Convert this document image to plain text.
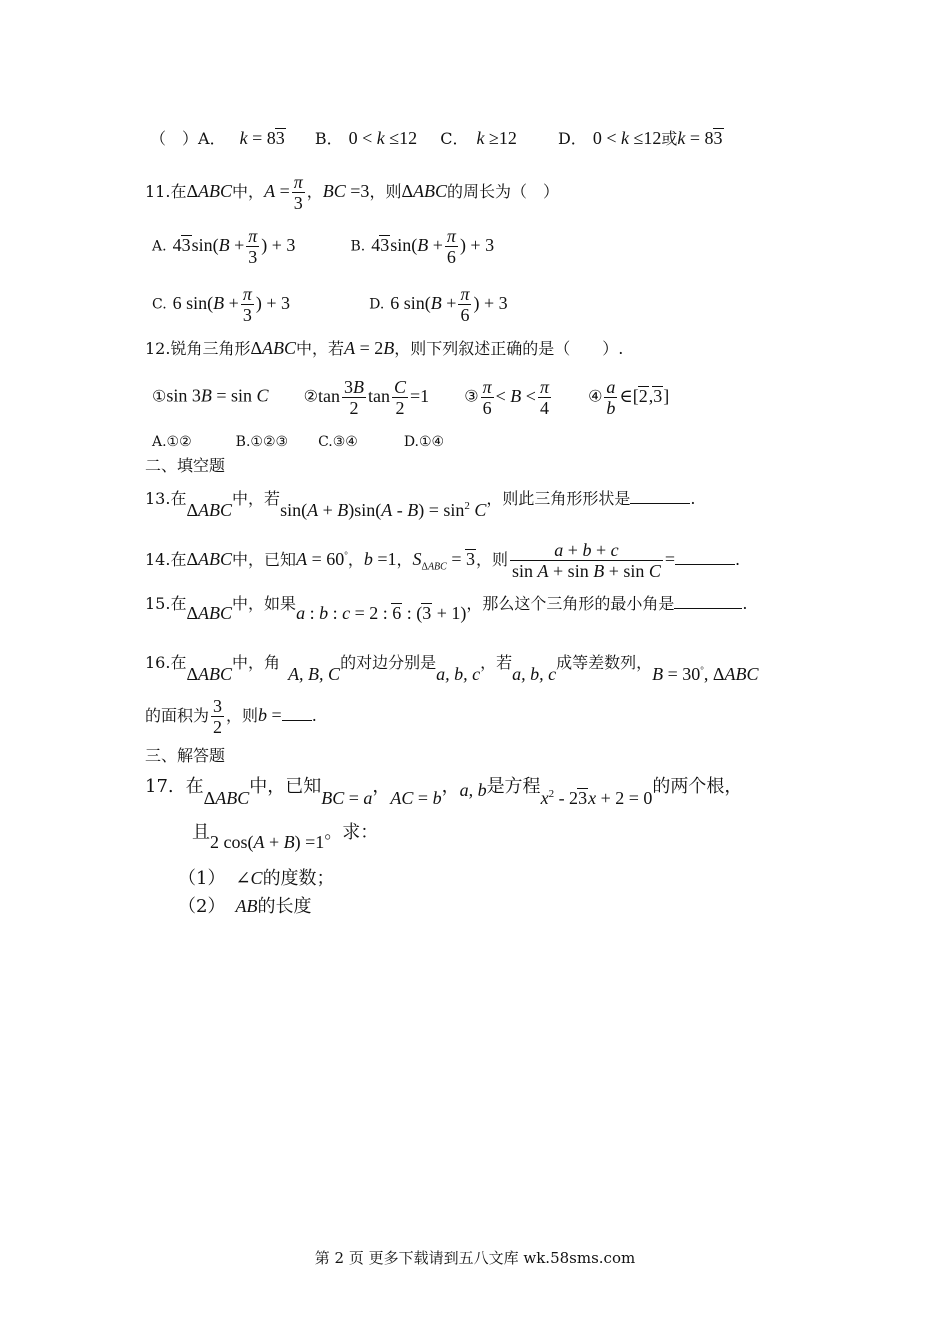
（　）A． k = 83 B． 0 < k ≤12 C． k ≥12	D． 0 < k ≤12或k = 83
11.在ΔABC中，$A = \frac{\pi}{3}$ ，BC =3，则ΔABC的周长为（　）
A. $43\sin(B + \frac{\pi}{3}$ ) + 3	B. $43\sin(B + \frac{\pi}{6}$ ) + 3
C. 6 $\sin(B + \frac{\pi}{3}$ ) + 3	D. 6 $\sin(B + \frac{\pi}{6}$ ) + 3
12.锐角三角形ΔABC中，若A = 2B，则下列叙述正确的是（　　）.
①sin 3B = sin C ②tan $\frac{3B}{2}$ $\tan \frac{C}{2} =1$ ③ $\frac{\pi}{6} < B < \frac{\pi}{4}$ ④ $\frac{a}{b}$ ∈[2,3]
A.①②	B.①②③ C.③④	D.①④
二、填空题
13.在ΔABC中，若$\sin(A + B)\sin(A - B) = \sin^2 C$，则此三角形形状是	.
14.在ΔABC中，已知A = 60°，b =1，$S_{\Delta ABC} = 3$，则 $\frac{a + b + c}{\text{sin A + sin B + sin C}}$ =	.
15.在ΔABC中，如果a : b : c = 2 : 6 : (3 + 1)，那么这个三角形的最小角是	.
16.在ΔABC中，角A, B, C的对边分别是a, b, c，若a, b, c成等差数列，B = 30°, ΔABC
的面积为 $\frac{3}{2}$ ，则b = .
三、解答题
17. 在ΔABC中，已知BC = a，AC = b，a, b是方程$x^2 - 23x + 2 = 0$的两个根，
且2 cos(A + B) =1。求：
（1） ∠C的度数；
（2） AB的长度
第 2 页 更多下载请到五八文库 wk.58sms.com
